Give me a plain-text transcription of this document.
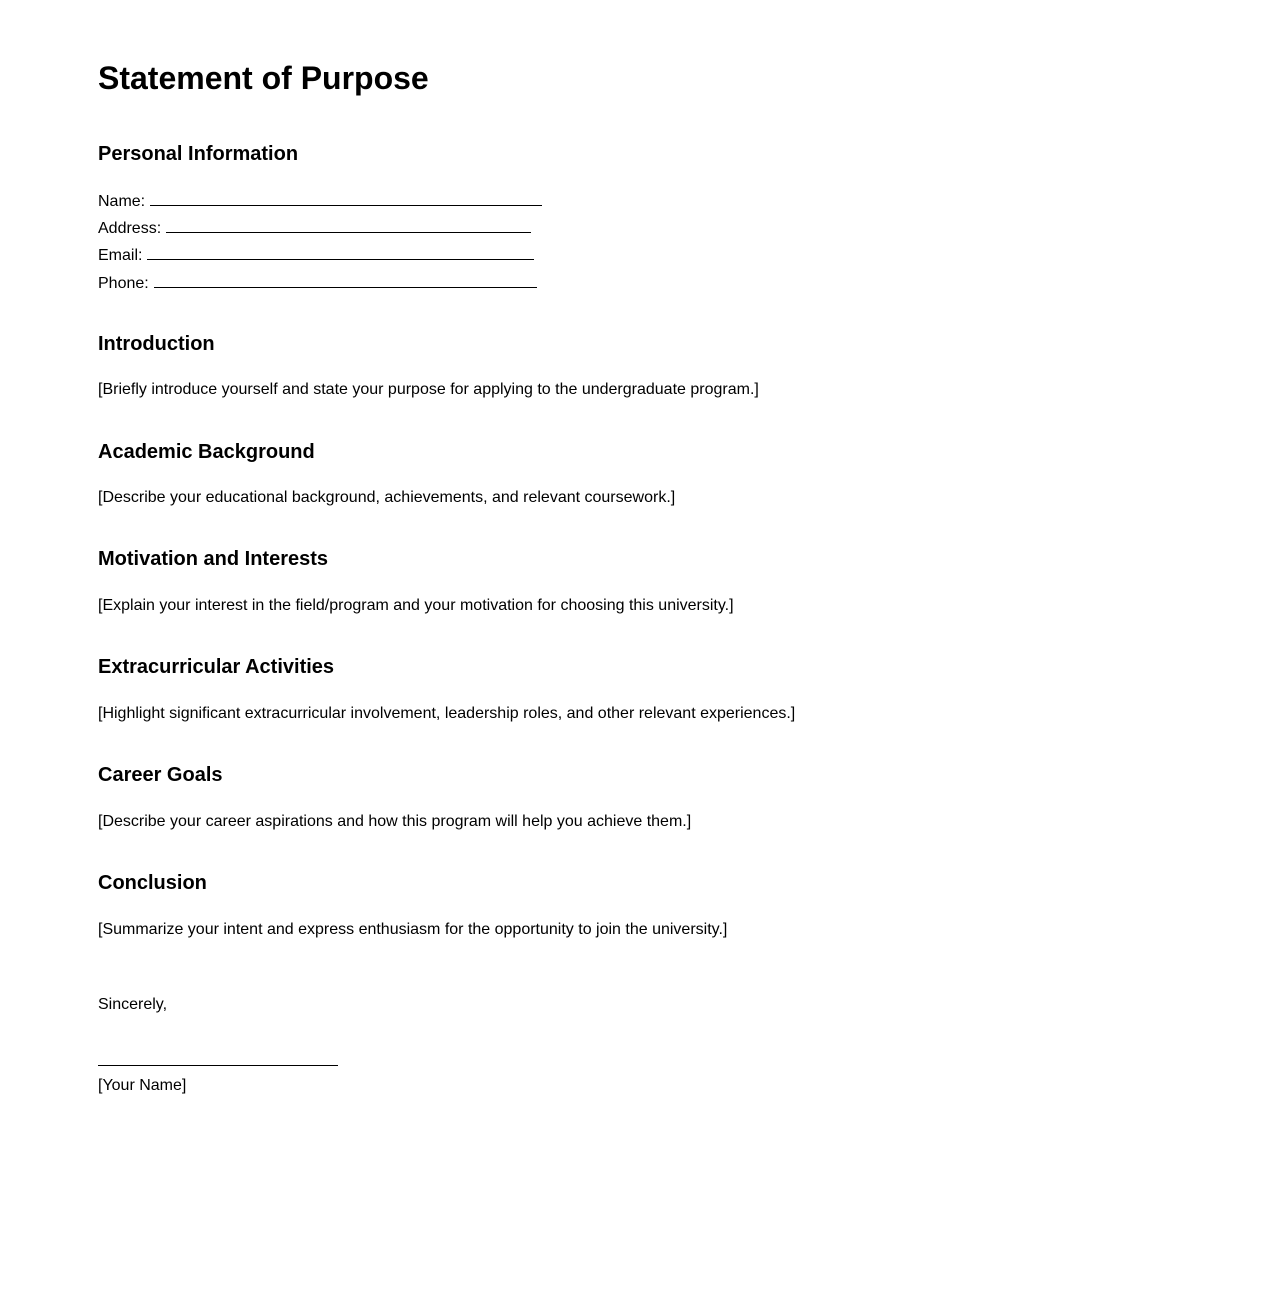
Statement of Purpose
Personal Information
Name:
Address:
Email:
Phone:
Introduction

[Briefly introduce yourself and state your purpose for applying to the undergraduate program.]

Academic Background

[Describe your educational background, achievements, and relevant coursework.]

Motivation and Interests

[Explain your interest in the field/program and your motivation for choosing this university.]

Extracurricular Activities

[Highlight significant extracurricular involvement, leadership roles, and other relevant experiences.]

Career Goals

[Describe your career aspirations and how this program will help you achieve them.]

Conclusion

[Summarize your intent and express enthusiasm for the opportunity to join the university.]

Sincerely,

[Your Name]
